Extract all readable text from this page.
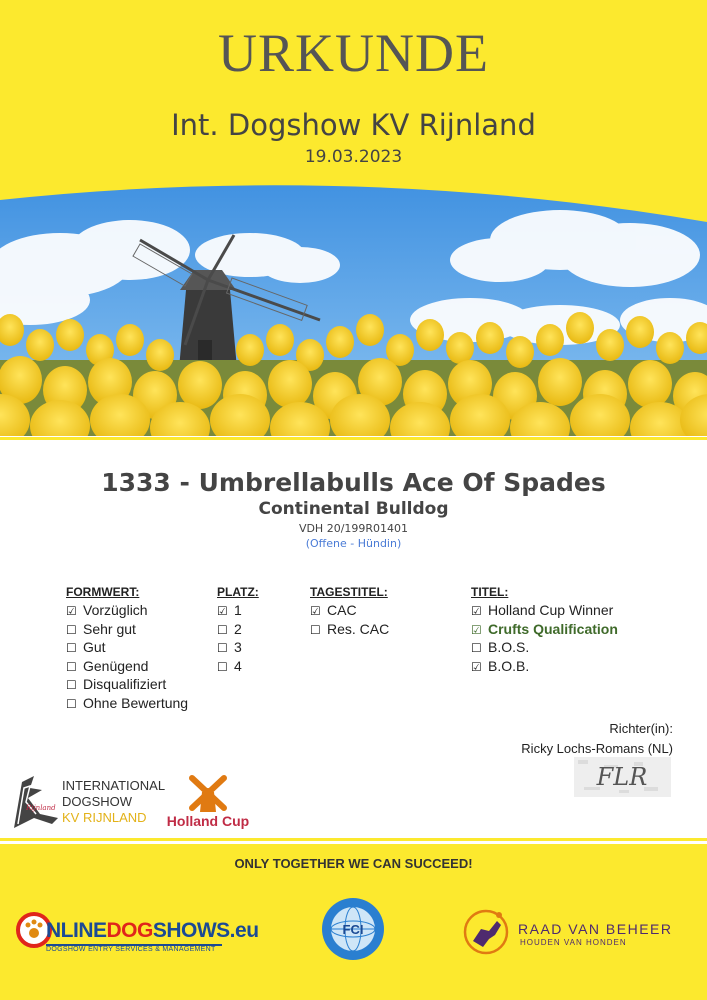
URKUNDE
Int. Dogshow KV Rijnland
19.03.2023
1333 - Umbrellabulls Ace Of Spades
Continental Bulldog
VDH 20/199R01401
(Offene - Hündin)
FORMWERT:
☑ Vorzüglich
☐ Sehr gut
☐ Gut
☐ Genügend
☐ Disqualifiziert
☐ Ohne Bewertung
PLATZ:
☑ 1
☐ 2
☐ 3
☐ 4
TAGESTITEL:
☑ CAC
☐ Res. CAC
TITEL:
☑ Holland Cup Winner
☑ Crufts Qualification
☐ B.O.S.
☑ B.O.B.
Richter(in):
Ricky Lochs-Romans (NL)
FLR
Rijnland
INTERNATIONAL
DOGSHOW
KV RIJNLAND	Holland Cup
ONLY TOGETHER WE CAN SUCCEED!
NLINEDOGSHOWS.eu
DOGSHOW ENTRY SERVICES & MANAGEMENT
FCI	RAAD VAN BEHEER
HOUDEN VAN HONDEN
